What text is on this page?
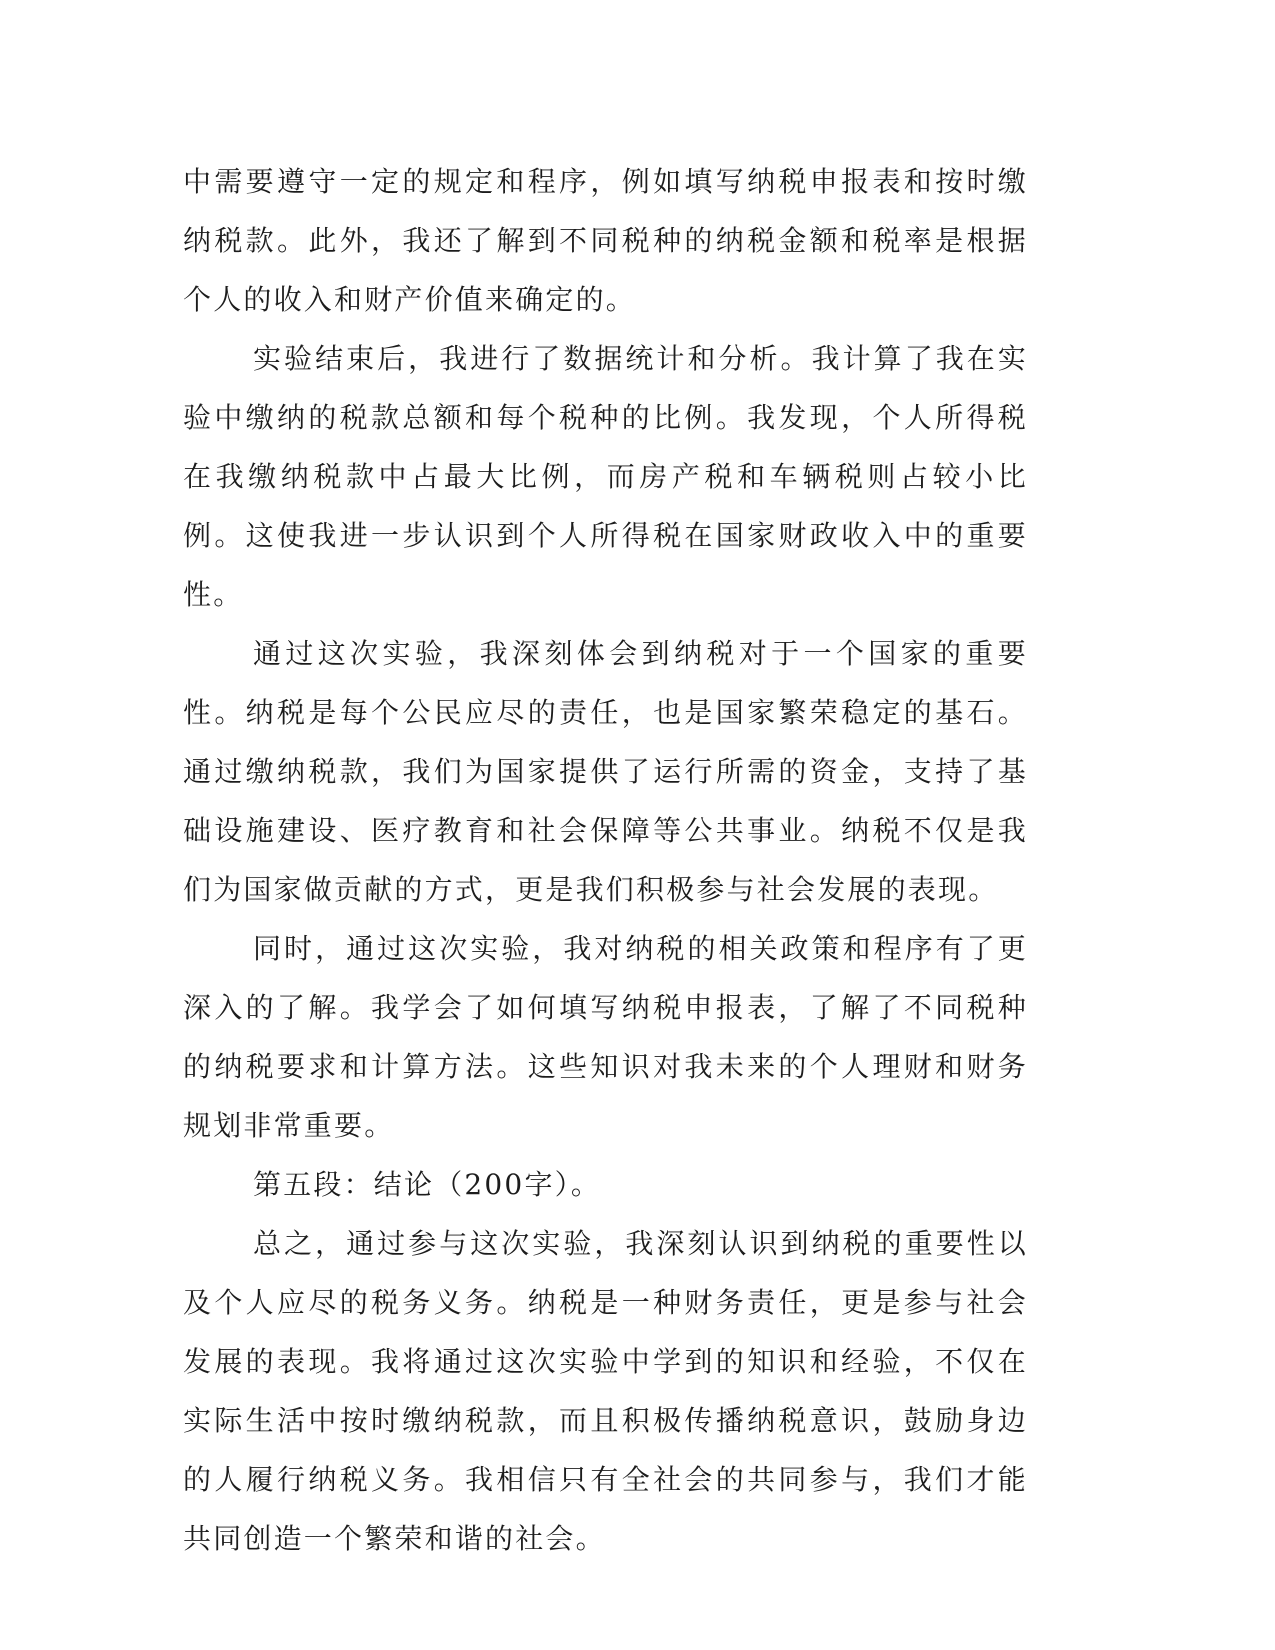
中需要遵守一定的规定和程序，例如填写纳税申报表和按时缴纳税款。此外，我还了解到不同税种的纳税金额和税率是根据个人的收入和财产价值来确定的。

实验结束后，我进行了数据统计和分析。我计算了我在实验中缴纳的税款总额和每个税种的比例。我发现，个人所得税在我缴纳税款中占最大比例，而房产税和车辆税则占较小比例。这使我进一步认识到个人所得税在国家财政收入中的重要性。

通过这次实验，我深刻体会到纳税对于一个国家的重要性。纳税是每个公民应尽的责任，也是国家繁荣稳定的基石。通过缴纳税款，我们为国家提供了运行所需的资金，支持了基础设施建设、医疗教育和社会保障等公共事业。纳税不仅是我们为国家做贡献的方式，更是我们积极参与社会发展的表现。

同时，通过这次实验，我对纳税的相关政策和程序有了更深入的了解。我学会了如何填写纳税申报表，了解了不同税种的纳税要求和计算方法。这些知识对我未来的个人理财和财务规划非常重要。

第五段：结论（200字）。

总之，通过参与这次实验，我深刻认识到纳税的重要性以及个人应尽的税务义务。纳税是一种财务责任，更是参与社会发展的表现。我将通过这次实验中学到的知识和经验，不仅在实际生活中按时缴纳税款，而且积极传播纳税意识，鼓励身边的人履行纳税义务。我相信只有全社会的共同参与，我们才能共同创造一个繁荣和谐的社会。
